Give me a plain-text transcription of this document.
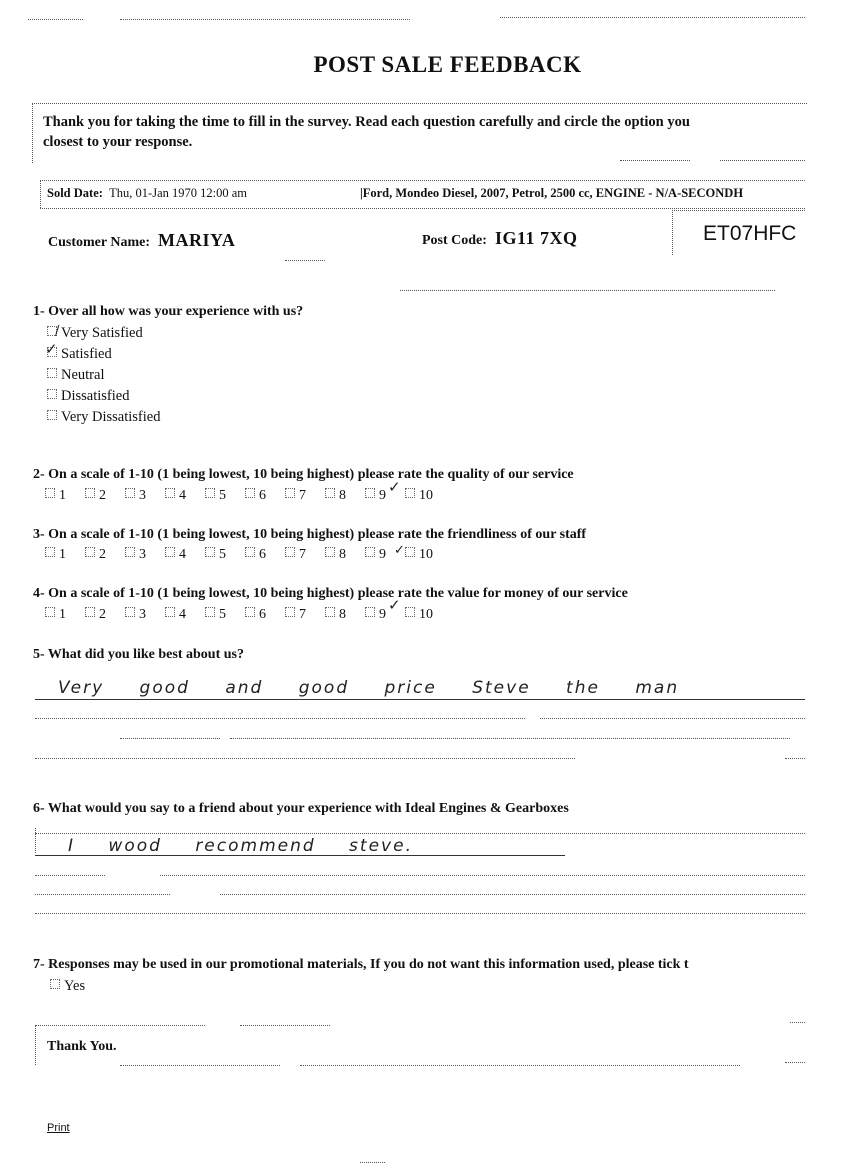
POST SALE FEEDBACK
Thank you for taking the time to fill in the survey. Read each question carefully and circle the option you
closest to your response.
Sold Date: Thu, 01-Jan 1970 12:00 am	|Ford, Mondeo Diesel, 2007, Petrol, 2500 cc, ENGINE - N/A-SECONDH
Customer Name: MARIYA	Post Code: IG11 7XQ	ET07HFC
1- Over all how was your experience with us?
Very Satisfied
Satisfied
Neutral
Dissatisfied
Very Dissatisfied
✓
/
2- On a scale of 1-10 (1 being lowest, 10 being highest) please rate the quality of our service
1 2 3 4 5 6 7 8 9 10
✓
3- On a scale of 1-10 (1 being lowest, 10 being highest) please rate the friendliness of our staff
1 2 3 4 5 6 7 8 9 10
✓
4- On a scale of 1-10 (1 being lowest, 10 being highest) please rate the value for money of our service
1 2 3 4 5 6 7 8 9 10
✓
5- What did you like best about us?
Very good and good price Steve the man
6- What would you say to a friend about your experience with Ideal Engines & Gearboxes
I wood recommend steve.
7- Responses may be used in our promotional materials, If you do not want this information used, please tick t
Yes
Thank You.
Print
